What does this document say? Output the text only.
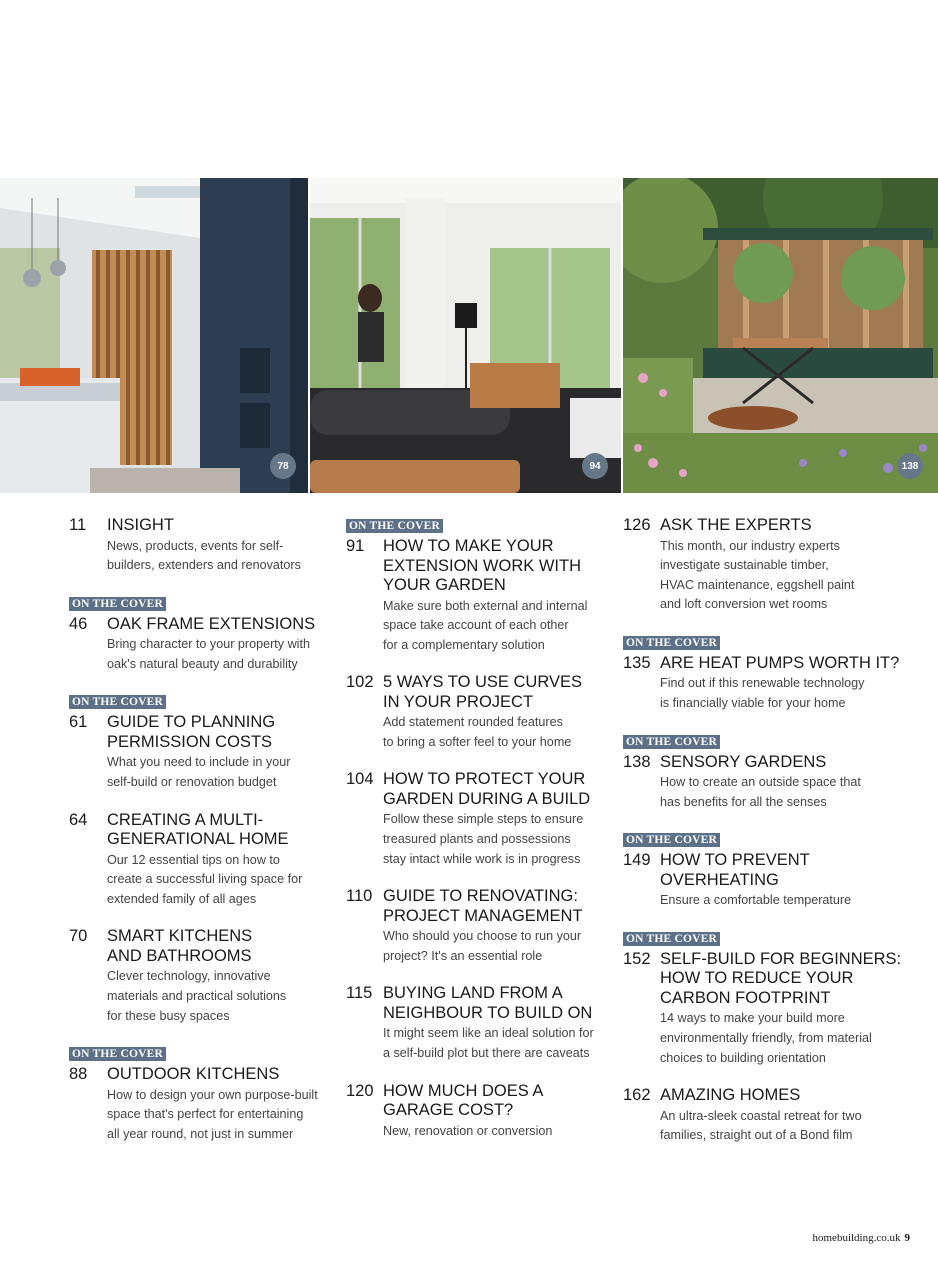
78	94	138
11	INSIGHT
News, products, events for self-
builders, extenders and renovators
ON THE COVER
46	OAK FRAME EXTENSIONS
Bring character to your property with
oak's natural beauty and durability
ON THE COVER
61	GUIDE TO PLANNING
PERMISSION COSTS
What you need to include in your
self-build or renovation budget
64	CREATING A MULTI-
GENERATIONAL HOME
Our 12 essential tips on how to
create a successful living space for
extended family of all ages
70	SMART KITCHENS
AND BATHROOMS
Clever technology, innovative
materials and practical solutions
for these busy spaces
ON THE COVER
88	OUTDOOR KITCHENS
How to design your own purpose-built
space that's perfect for entertaining
all year round, not just in summer
ON THE COVER
91	HOW TO MAKE YOUR
EXTENSION WORK WITH
YOUR GARDEN
Make sure both external and internal
space take account of each other
for a complementary solution
102 5 WAYS TO USE CURVES
IN YOUR PROJECT
Add statement rounded features
to bring a softer feel to your home
104 HOW TO PROTECT YOUR
GARDEN DURING A BUILD
Follow these simple steps to ensure
treasured plants and possessions
stay intact while work is in progress
110 GUIDE TO RENOVATING:
PROJECT MANAGEMENT
Who should you choose to run your
project? It's an essential role
115 BUYING LAND FROM A
NEIGHBOUR TO BUILD ON
It might seem like an ideal solution for
a self-build plot but there are caveats
120 HOW MUCH DOES A
GARAGE COST?
New, renovation or conversion
126 ASK THE EXPERTS
This month, our industry experts
investigate sustainable timber,
HVAC maintenance, eggshell paint
and loft conversion wet rooms
ON THE COVER
135 ARE HEAT PUMPS WORTH IT?
Find out if this renewable technology
is financially viable for your home
ON THE COVER
138 SENSORY GARDENS
How to create an outside space that
has benefits for all the senses
ON THE COVER
149 HOW TO PREVENT
OVERHEATING
Ensure a comfortable temperature
ON THE COVER
152 SELF-BUILD FOR BEGINNERS:
HOW TO REDUCE YOUR
CARBON FOOTPRINT
14 ways to make your build more
environmentally friendly, from material
choices to building orientation
162 AMAZING HOMES
An ultra-sleek coastal retreat for two
families, straight out of a Bond film
homebuilding.co.uk 9
